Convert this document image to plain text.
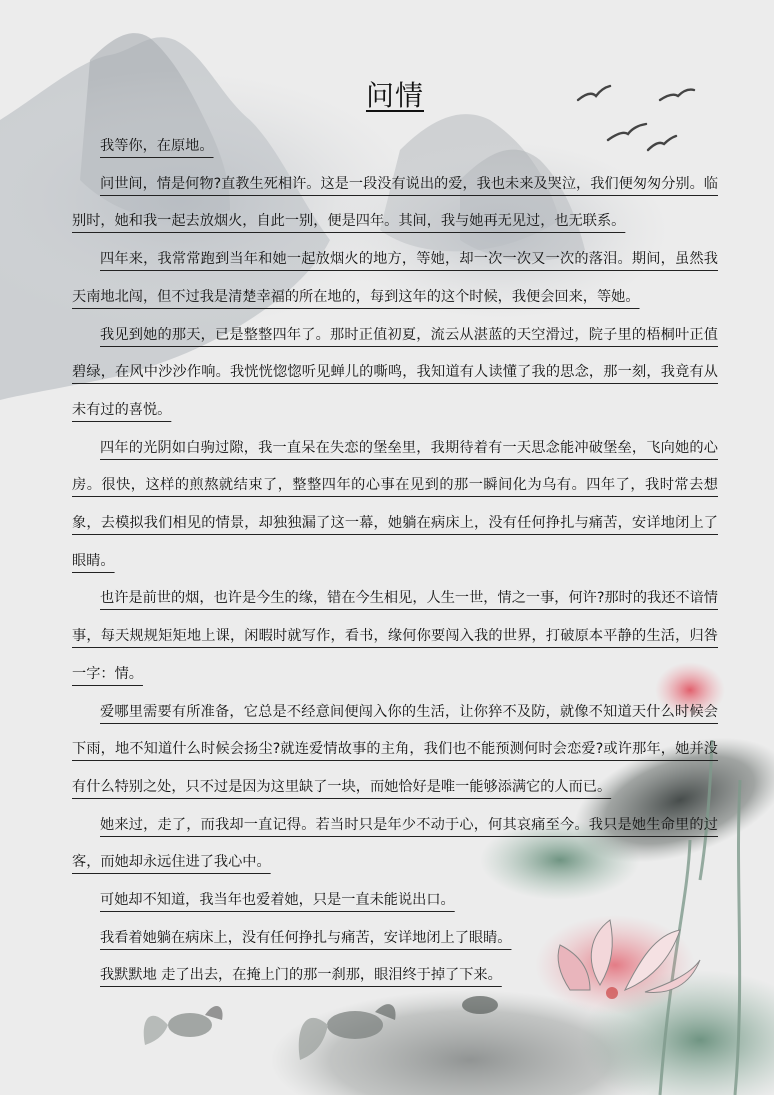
问情

我等你，在原地。

问世间，情是何物?直教生死相许。这是一段没有说出的爱，我也未来及哭泣，我们便匆匆分别。临别时，她和我一起去放烟火，自此一别，便是四年。其间，我与她再无见过，也无联系。

四年来，我常常跑到当年和她一起放烟火的地方，等她，却一次一次又一次的落泪。期间，虽然我天南地北闯，但不过我是清楚幸福的所在地的，每到这年的这个时候，我便会回来，等她。

我见到她的那天，已是整整四年了。那时正值初夏，流云从湛蓝的天空滑过，院子里的梧桐叶正值碧绿，在风中沙沙作响。我恍恍惚惚听见蝉儿的嘶鸣，我知道有人读懂了我的思念，那一刻，我竟有从未有过的喜悦。

四年的光阴如白驹过隙，我一直呆在失恋的堡垒里，我期待着有一天思念能冲破堡垒，飞向她的心房。很快，这样的煎熬就结束了，整整四年的心事在见到的那一瞬间化为乌有。四年了，我时常去想象，去模拟我们相见的情景，却独独漏了这一幕，她躺在病床上，没有任何挣扎与痛苦，安详地闭上了眼睛。

也许是前世的烟，也许是今生的缘，错在今生相见，人生一世，情之一事，何许?那时的我还不谙情事，每天规规矩矩地上课，闲暇时就写作，看书，缘何你要闯入我的世界，打破原本平静的生活，归咎一字：情。

爱哪里需要有所准备，它总是不经意间便闯入你的生活，让你猝不及防，就像不知道天什么时候会下雨，地不知道什么时候会扬尘?就连爱情故事的主角，我们也不能预测何时会恋爱?或许那年，她并没有什么特别之处，只不过是因为这里缺了一块，而她恰好是唯一能够添满它的人而已。

她来过，走了，而我却一直记得。若当时只是年少不动于心，何其哀痛至今。我只是她生命里的过客，而她却永远住进了我心中。

可她却不知道，我当年也爱着她，只是一直未能说出口。

我看着她躺在病床上，没有任何挣扎与痛苦，安详地闭上了眼睛。

我默默地 走了出去，在掩上门的那一刹那，眼泪终于掉了下来。
